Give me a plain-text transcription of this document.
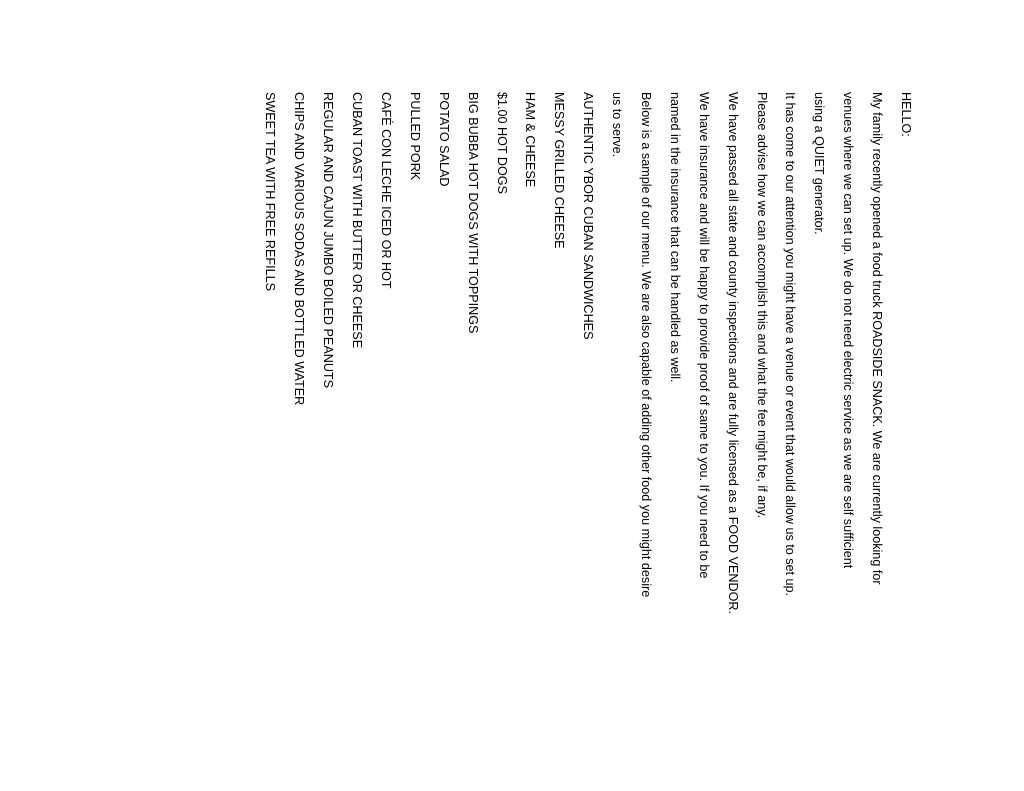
HELLO:
My family recently opened a food truck ROADSIDE SNACK. We are currently looking for
venues where we can set up. We do not need electric service as we are self sufficient
using a QUIET generator.
It has come to our attention you might have a venue or event that would allow us to set up.
Please advise how we can accomplish this and what the fee might be, if any.
We have passed all state and county inspections and are fully licensed as a FOOD VENDOR.
We have insurance and will be happy to provide proof of same to you. If you need to be
named in the insurance that can be handled as well.
Below is a sample of our menu. We are also capable of adding other food you might desire
us to serve.
AUTHENTIC YBOR CUBAN SANDWICHES
MESSY GRILLED CHEESE
HAM & CHEESE
$1.00 HOT DOGS
BIG BUBBA HOT DOGS WITH TOPPINGS
POTATO SALAD
PULLED PORK
CAFÉ CON LECHE ICED OR HOT
CUBAN TOAST WITH BUTTER OR CHEESE
REGULAR AND CAJUN JUMBO BOILED PEANUTS
CHIPS AND VARIOUS SODAS AND BOTTLED WATER
SWEET TEA WITH FREE REFILLS
